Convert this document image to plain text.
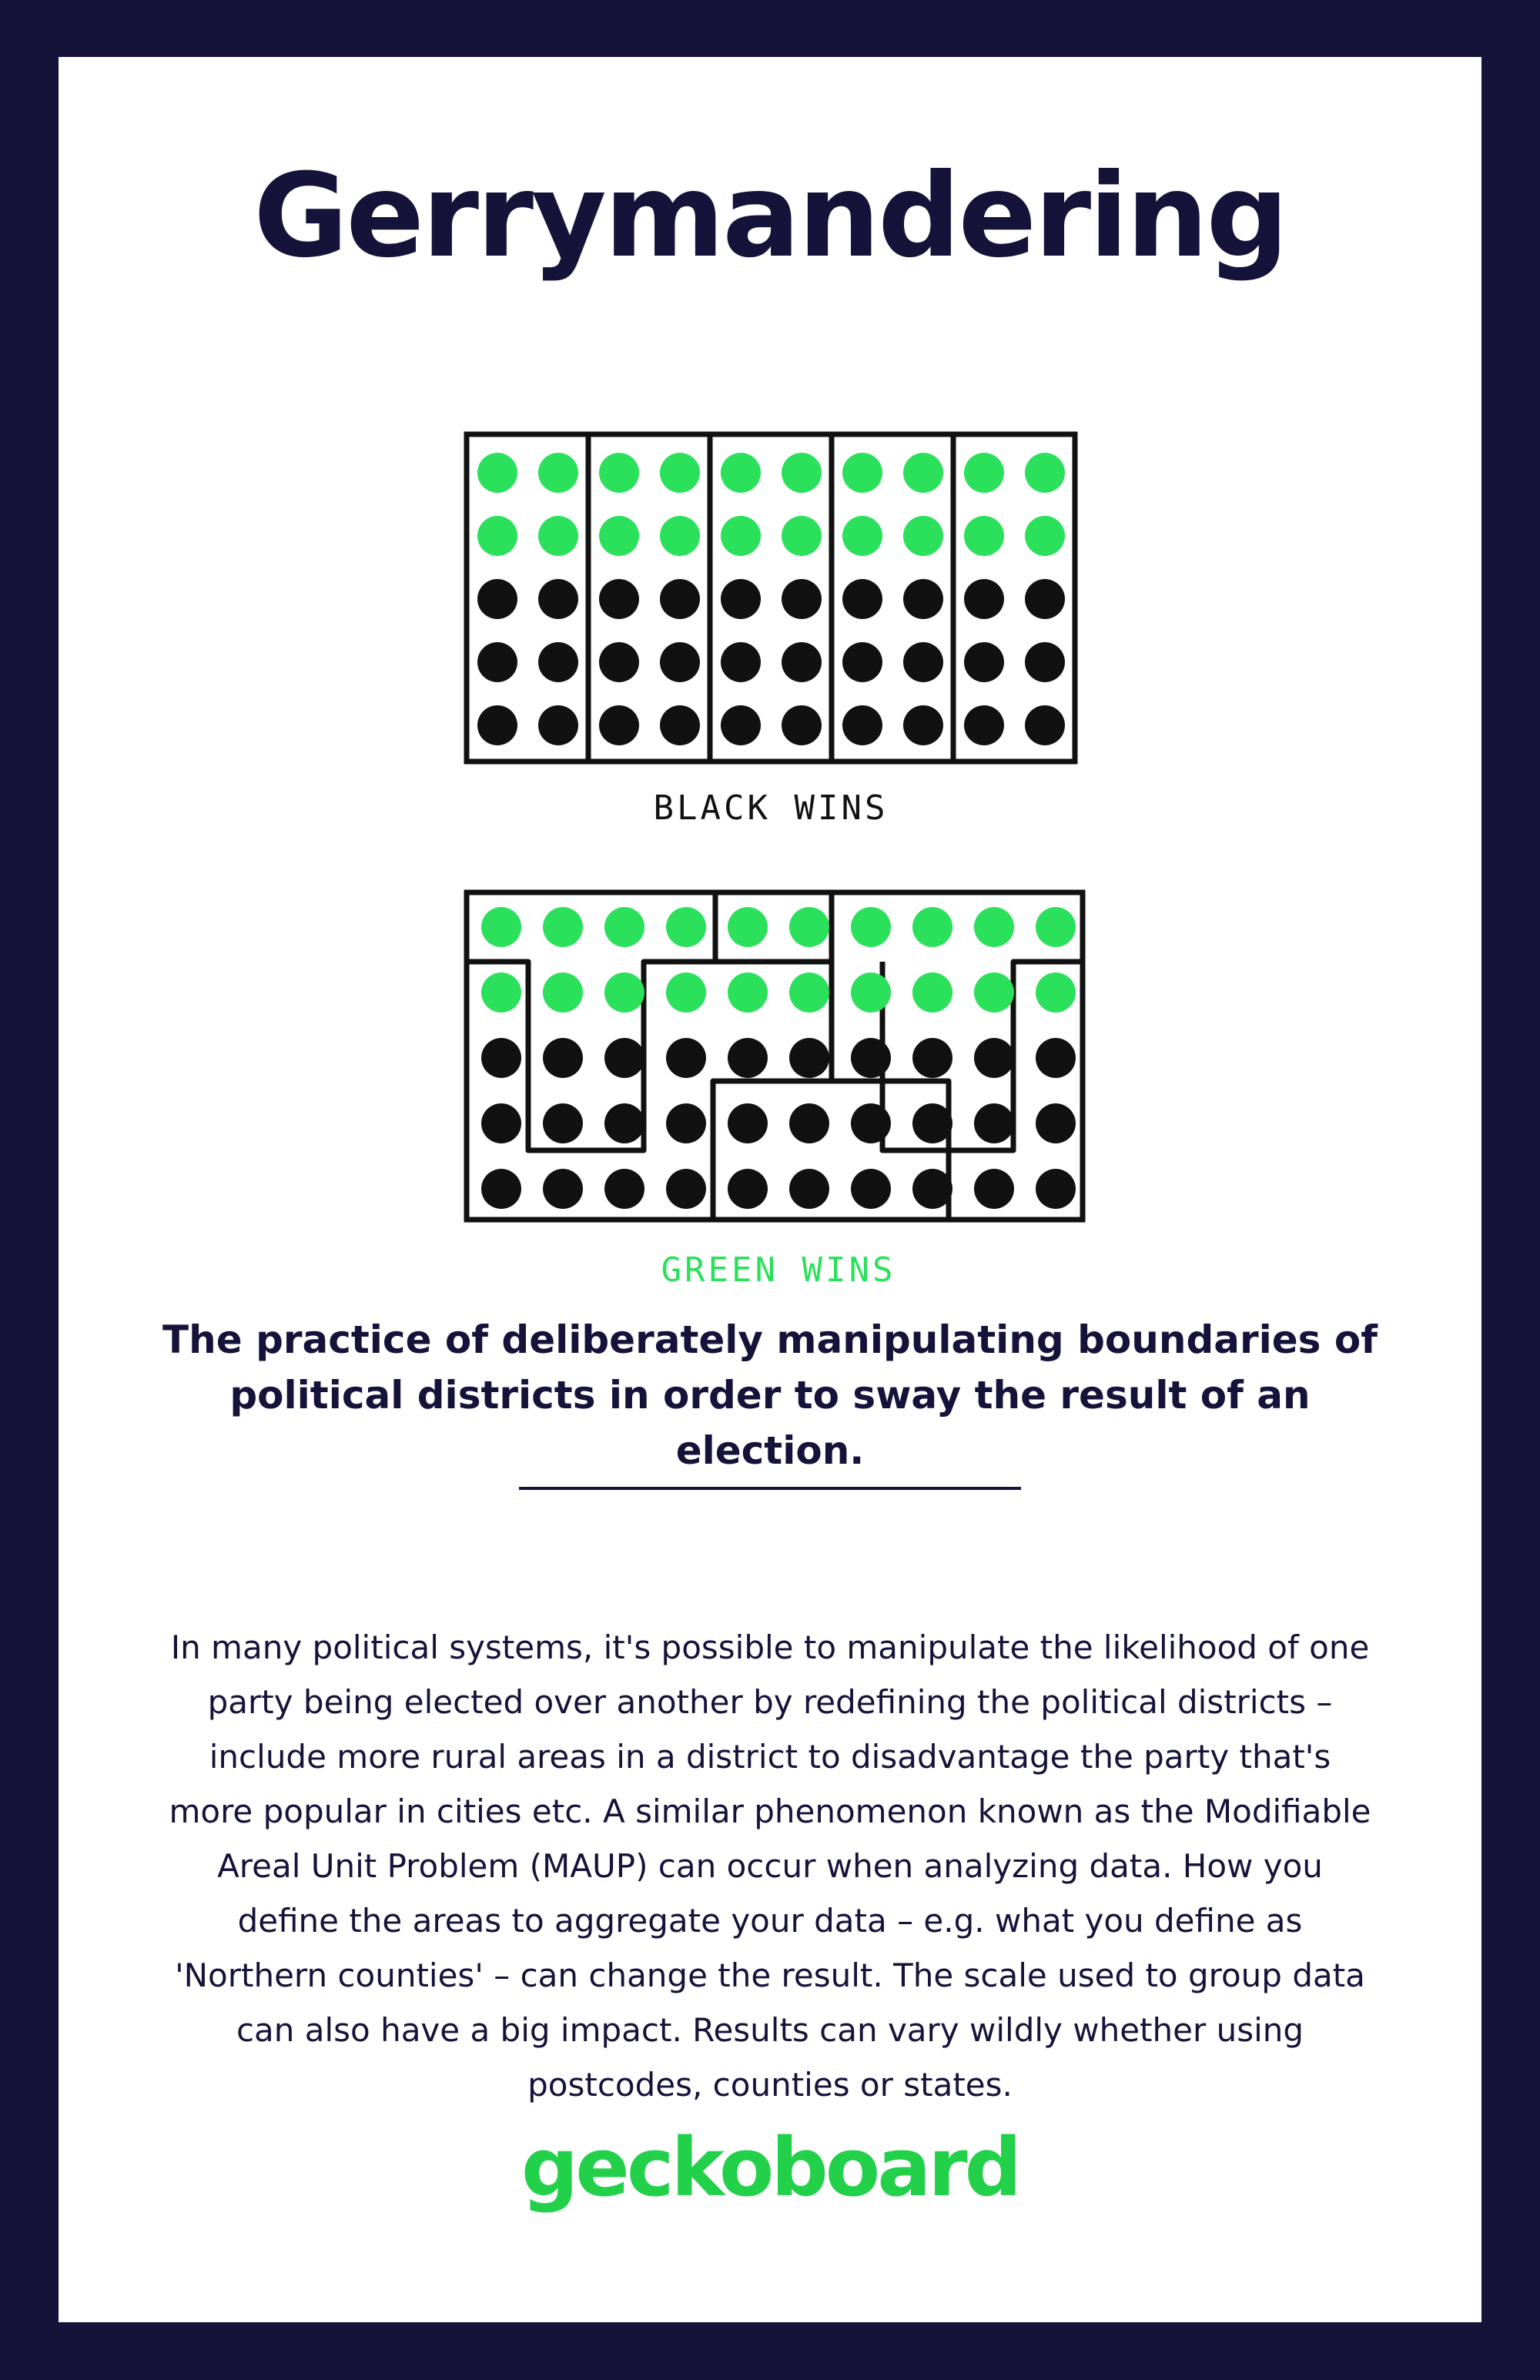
Gerrymandering
BLACK WINS
GREEN WINS
The practice of deliberately manipulating boundaries of political districts in order to sway the result of an election.
In many political systems, it's possible to manipulate the likelihood of one party being elected over another by redefining the political districts – include more rural areas in a district to disadvantage the party that's more popular in cities etc. A similar phenomenon known as the Modifiable Areal Unit Problem (MAUP) can occur when analyzing data. How you define the areas to aggregate your data – e.g. what you define as 'Northern counties' – can change the result. The scale used to group data can also have a big impact. Results can vary wildly whether using postcodes, counties or states.
geckoboard
